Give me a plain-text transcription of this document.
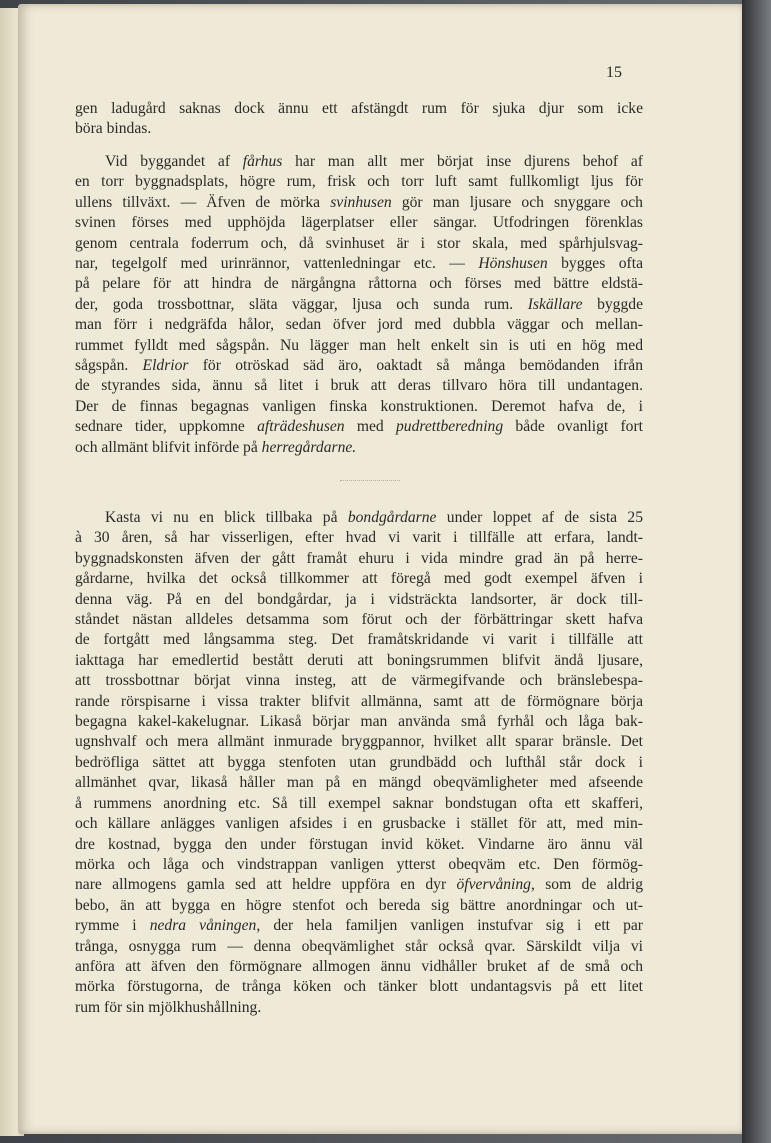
15
gen ladugård saknas dock ännu ett afstängdt rum för sjuka djur som icke
böra bindas.
Vid byggandet af fårhus har man allt mer börjat inse djurens behof af
en torr byggnadsplats, högre rum, frisk och torr luft samt fullkomligt ljus för
ullens tillväxt. — Äfven de mörka svinhusen gör man ljusare och snyggare och
svinen förses med upphöjda lägerplatser eller sängar. Utfodringen förenklas
genom centrala foderrum och, då svinhuset är i stor skala, med spårhjulsvag-
nar, tegelgolf med urinrännor, vattenledningar etc. — Hönshusen bygges ofta
på pelare för att hindra de närgångna råttorna och förses med bättre eldstä-
der, goda trossbottnar, släta väggar, ljusa och sunda rum. Iskällare byggde
man förr i nedgräfda hålor, sedan öfver jord med dubbla väggar och mellan-
rummet fylldt med sågspån. Nu lägger man helt enkelt sin is uti en hög med
sågspån. Eldrior för otröskad säd äro, oaktadt så många bemödanden ifrån
de styrandes sida, ännu så litet i bruk att deras tillvaro höra till undantagen.
Der de finnas begagnas vanligen finska konstruktionen. Deremot hafva de, i
sednare tider, uppkomne afträdeshusen med pudrettberedning både ovanligt fort
och allmänt blifvit införde på herregårdarne.
Kasta vi nu en blick tillbaka på bondgårdarne under loppet af de sista 25
à 30 åren, så har visserligen, efter hvad vi varit i tillfälle att erfara, landt-
byggnadskonsten äfven der gått framåt ehuru i vida mindre grad än på herre-
gårdarne, hvilka det också tillkommer att föregå med godt exempel äfven i
denna väg. På en del bondgårdar, ja i vidsträckta landsorter, är dock till-
ståndet nästan alldeles detsamma som förut och der förbättringar skett hafva
de fortgått med långsamma steg. Det framåtskridande vi varit i tillfälle att
iakttaga har emedlertid bestått deruti att boningsrummen blifvit ändå ljusare,
att trossbottnar börjat vinna insteg, att de värmegifvande och bränslebespa-
rande rörspisarne i vissa trakter blifvit allmänna, samt att de förmögnare börja
begagna kakel-kakelugnar. Likaså börjar man använda små fyrhål och låga bak-
ugnshvalf och mera allmänt inmurade bryggpannor, hvilket allt sparar bränsle. Det
bedröfliga sättet att bygga stenfoten utan grundbädd och lufthål står dock i
allmänhet qvar, likaså håller man på en mängd obeqvämligheter med afseende
å rummens anordning etc. Så till exempel saknar bondstugan ofta ett skafferi,
och källare anlägges vanligen afsides i en grusbacke i stället för att, med min-
dre kostnad, bygga den under förstugan invid köket. Vindarne äro ännu väl
mörka och låga och vindstrappan vanligen ytterst obeqväm etc. Den förmög-
nare allmogens gamla sed att heldre uppföra en dyr öfvervåning, som de aldrig
bebo, än att bygga en högre stenfot och bereda sig bättre anordningar och ut-
rymme i nedra våningen, der hela familjen vanligen instufvar sig i ett par
trånga, osnygga rum — denna obeqvämlighet står också qvar. Särskildt vilja vi
anföra att äfven den förmögnare allmogen ännu vidhåller bruket af de små och
mörka förstugorna, de trånga köken och tänker blott undantagsvis på ett litet
rum för sin mjölkhushållning.
